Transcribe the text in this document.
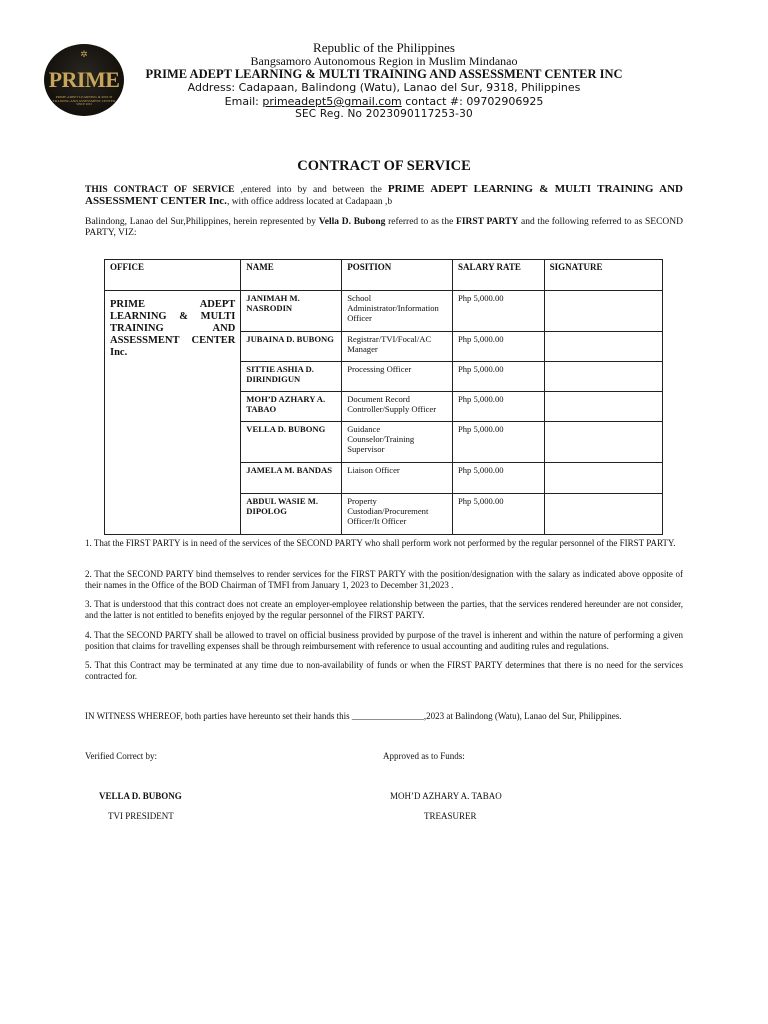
✲
PRIME
PRIME ADEPT LEARNING & MULTI TRAINING AND ASSESSMENT CENTER
SINCE 2023
Republic of the Philippines
Bangsamoro Autonomous Region in Muslim Mindanao
PRIME ADEPT LEARNING & MULTI TRAINING AND ASSESSMENT CENTER INC
Address: Cadapaan, Balindong (Watu), Lanao del Sur, 9318, Philippines
Email: primeadept5@gmail.com contact #: 09702906925
SEC Reg. No 2023090117253-30
CONTRACT OF SERVICE
THIS CONTRACT OF SERVICE ,entered into by and between the PRIME ADEPT LEARNING & MULTI TRAINING AND ASSESSMENT CENTER Inc., with office address located at Cadapaan ,b
Balindong, Lanao del Sur,Philippines, herein represented by Vella D. Bubong referred to as the FIRST PARTY and the following referred to as SECOND PARTY, VIZ:
OFFICE	NAME	POSITION	SALARY RATE	SIGNATURE
PRIME ADEPT LEARNING & MULTI TRAINING AND ASSESSMENT CENTER Inc.	JANIMAH M. NASRODIN	School Administrator/Information Officer	Php 5,000.00	
	JUBAINA D. BUBONG	Registrar/TVI/Focal/AC Manager	Php 5,000.00	
	SITTIE ASHIA D. DIRINDIGUN	Processing Officer	Php 5,000.00	
	MOH’D AZHARY A. TABAO	Document Record Controller/Supply Officer	Php 5,000.00	
	VELLA D. BUBONG	Guidance Counselor/Training Supervisor	Php 5,000.00	
	JAMELA M. BANDAS	Liaison Officer	Php 5,000.00	
	ABDUL WASIE M. DIPOLOG	Property Custodian/Procurement Officer/It Officer	Php 5,000.00	
1. That the FIRST PARTY is in need of the services of the SECOND PARTY who shall perform work not performed by the regular personnel of the FIRST PARTY.
2. That the SECOND PARTY bind themselves to render services for the FIRST PARTY with the position/designation with the salary as indicated above opposite of their names in the Office of the BOD Chairman of TMFI from January 1, 2023 to December 31,2023 .
3. That is understood that this contract does not create an employer-employee relationship between the parties, that the services rendered hereunder are not consider, and the latter is not entitled to benefits enjoyed by the regular personnel of the FIRST PARTY.
4. That the SECOND PARTY shall be allowed to travel on official business provided by purpose of the travel is inherent and within the nature of performing a given position that claims for travelling expenses shall be through reimbursement with reference to usual accounting and auditing rules and regulations.
5. That this Contract may be terminated at any time due to non-availability of funds or when the FIRST PARTY determines that there is no need for the services contracted for.
IN WITNESS WHEREOF, both parties have hereunto set their hands this ________________,2023 at Balindong (Watu), Lanao del Sur, Philippines.
Verified Correct by:	Approved as to Funds:
VELLA D. BUBONG	MOH’D AZHARY A. TABAO
TVI PRESIDENT	TREASURER
